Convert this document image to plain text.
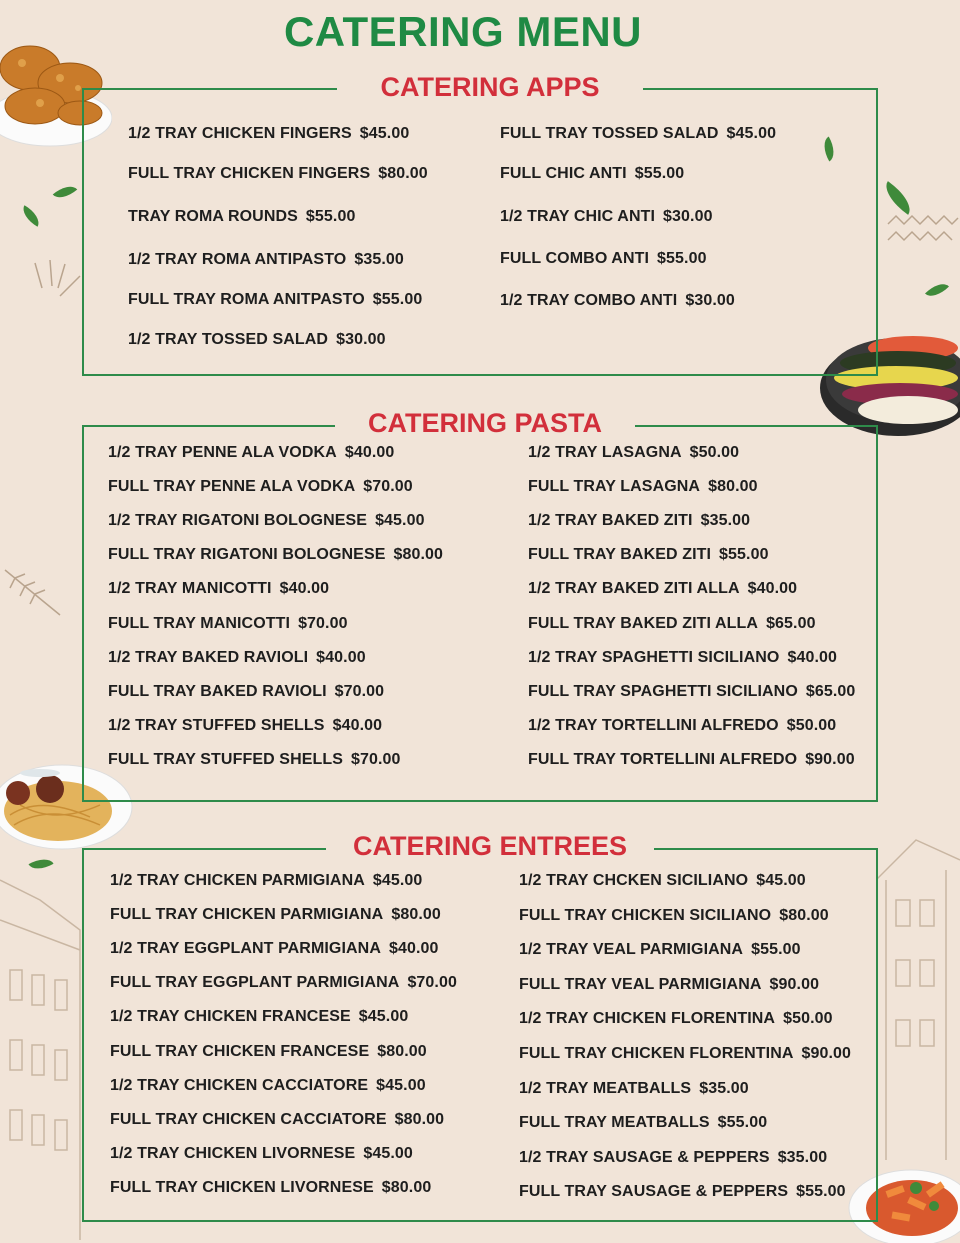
CATERING MENU
CATERING APPS
CATERING PASTA
CATERING ENTREES
1/2 TRAY CHICKEN FINGERS $45.00
FULL TRAY CHICKEN FINGERS $80.00
TRAY ROMA ROUNDS $55.00
1/2 TRAY ROMA ANTIPASTO $35.00
FULL TRAY ROMA ANITPASTO $55.00
1/2 TRAY TOSSED SALAD $30.00
FULL TRAY TOSSED SALAD $45.00
FULL CHIC ANTI $55.00
1/2 TRAY CHIC ANTI $30.00
FULL COMBO ANTI $55.00
1/2 TRAY COMBO ANTI $30.00
1/2 TRAY PENNE ALA VODKA $40.00
FULL TRAY PENNE ALA VODKA $70.00
1/2 TRAY RIGATONI BOLOGNESE $45.00
FULL TRAY RIGATONI BOLOGNESE $80.00
1/2 TRAY MANICOTTI $40.00
FULL TRAY MANICOTTI $70.00
1/2 TRAY BAKED RAVIOLI $40.00
FULL TRAY BAKED RAVIOLI $70.00
1/2 TRAY STUFFED SHELLS $40.00
FULL TRAY STUFFED SHELLS $70.00
1/2 TRAY LASAGNA $50.00
FULL TRAY LASAGNA $80.00
1/2 TRAY BAKED ZITI $35.00
FULL TRAY BAKED ZITI $55.00
1/2 TRAY BAKED ZITI ALLA $40.00
FULL TRAY BAKED ZITI ALLA $65.00
1/2 TRAY SPAGHETTI SICILIANO $40.00
FULL TRAY SPAGHETTI SICILIANO $65.00
1/2 TRAY TORTELLINI ALFREDO $50.00
FULL TRAY TORTELLINI ALFREDO $90.00
1/2 TRAY CHICKEN PARMIGIANA $45.00
FULL TRAY CHICKEN PARMIGIANA $80.00
1/2 TRAY EGGPLANT PARMIGIANA $40.00
FULL TRAY EGGPLANT PARMIGIANA $70.00
1/2 TRAY CHICKEN FRANCESE $45.00
FULL TRAY CHICKEN FRANCESE $80.00
1/2 TRAY CHICKEN CACCIATORE $45.00
FULL TRAY CHICKEN CACCIATORE $80.00
1/2 TRAY CHICKEN LIVORNESE $45.00
FULL TRAY CHICKEN LIVORNESE $80.00
1/2 TRAY CHCKEN SICILIANO $45.00
FULL TRAY CHICKEN SICILIANO $80.00
1/2 TRAY VEAL PARMIGIANA $55.00
FULL TRAY VEAL PARMIGIANA $90.00
1/2 TRAY CHICKEN FLORENTINA $50.00
FULL TRAY CHICKEN FLORENTINA $90.00
1/2 TRAY MEATBALLS $35.00
FULL TRAY MEATBALLS $55.00
1/2 TRAY SAUSAGE & PEPPERS $35.00
FULL TRAY SAUSAGE & PEPPERS $55.00
